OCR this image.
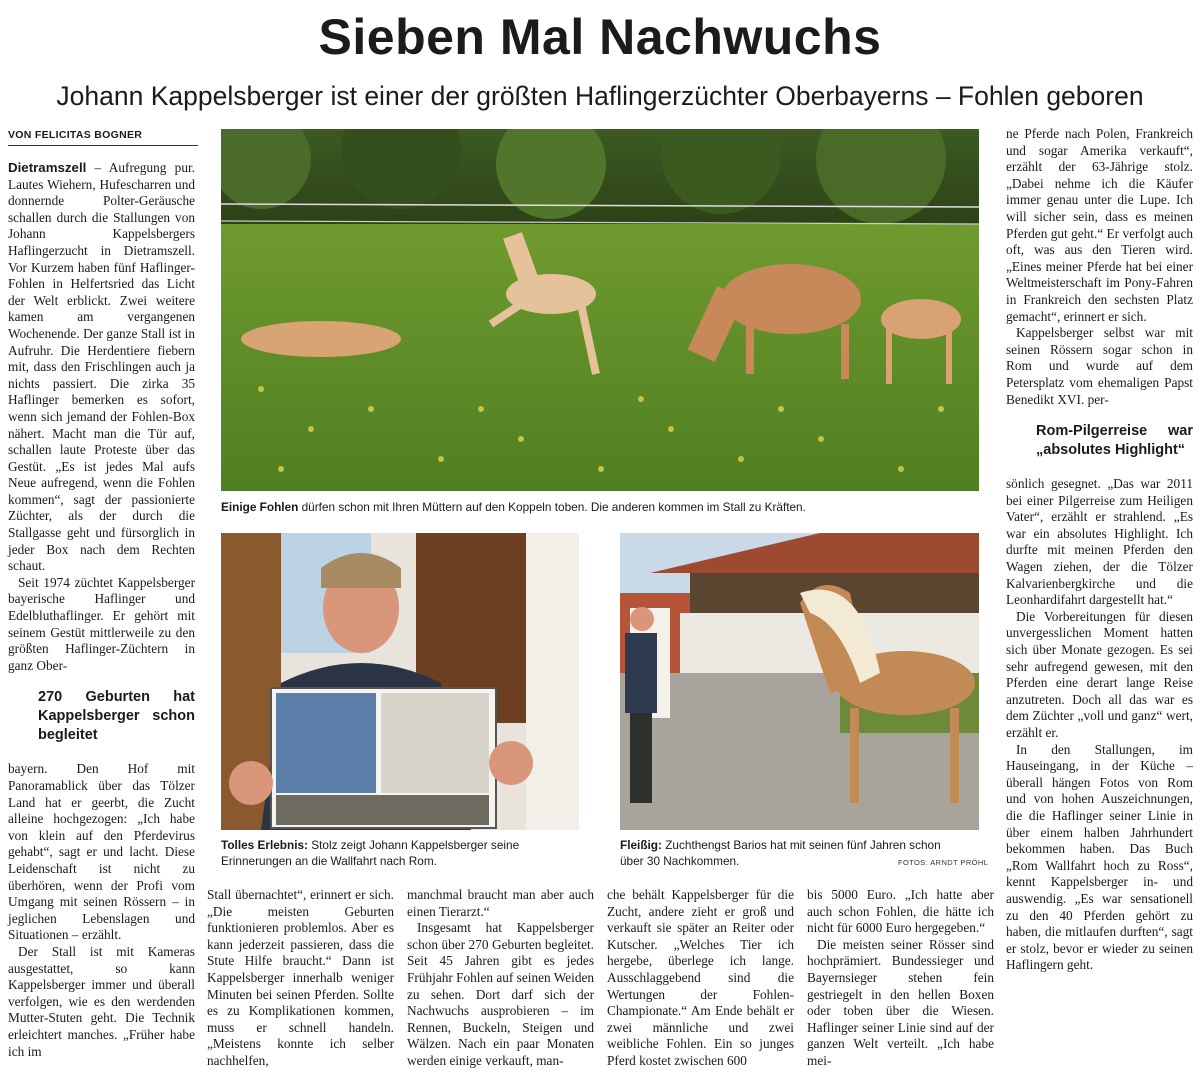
Sieben Mal Nachwuchs
Johann Kappelsberger ist einer der größten Haflingerzüchter Oberbayerns – Fohlen geboren
VON FELICITAS BOGNER

Dietramszell – Aufregung pur. Lautes Wiehern, Hufescharren und donnernde Polter-Geräusche schallen durch die Stallungen von Johann Kappelsbergers Haflingerzucht in Dietramszell. Vor Kurzem haben fünf Haflinger-Fohlen in Helfertsried das Licht der Welt erblickt. Zwei weitere kamen am vergangenen Wochenende. Der ganze Stall ist in Aufruhr. Die Herdentiere fiebern mit, dass den Frischlingen auch ja nichts passiert. Die zirka 35 Haflinger bemerken es sofort, wenn sich jemand der Fohlen-Box nähert. Macht man die Tür auf, schallen laute Proteste über das Gestüt. „Es ist jedes Mal aufs Neue aufregend, wenn die Fohlen kommen“, sagt der passionierte Züchter, als der durch die Stallgasse geht und fürsorglich in jeder Box nach dem Rechten schaut.

Seit 1974 züchtet Kappelsberger bayerische Haflinger und Edelbluthaflinger. Er gehört mit seinem Gestüt mittlerweile zu den größten Haflinger-Züchtern in ganz Ober-

270 Geburten hat Kappelsberger schon begleitet

bayern. Den Hof mit Panoramablick über das Tölzer Land hat er geerbt, die Zucht alleine hochgezogen: „Ich habe von klein auf den Pferdevirus gehabt“, sagt er und lacht. Diese Leidenschaft ist nicht zu überhören, wenn der Profi vom Umgang mit seinen Rössern – in jeglichen Lebenslagen und Situationen – erzählt.

Der Stall ist mit Kameras ausgestattet, so kann Kappelsberger immer und überall verfolgen, wie es den werdenden Mutter-Stuten geht. Die Technik erleichtert manches. „Früher habe ich im

Einige Fohlen dürfen schon mit Ihren Müttern auf den Koppeln toben. Die anderen kommen im Stall zu Kräften.
Tolles Erlebnis: Stolz zeigt Johann Kappelsberger seine Erinnerungen an die Wallfahrt nach Rom.
Fleißig: Zuchthengst Barios hat mit seinen fünf Jahren schon über 30 Nachkommen.	FOTOS: ARNDT PRÖHL

Stall übernachtet“, erinnert er sich. „Die meisten Geburten funktionieren problemlos. Aber es kann jederzeit passieren, dass die Stute Hilfe braucht.“ Dann ist Kappelsberger innerhalb weniger Minuten bei seinen Pferden. Sollte es zu Komplikationen kommen, muss er schnell handeln. „Meistens konnte ich selber nachhelfen,

manchmal braucht man aber auch einen Tierarzt.“

Insgesamt hat Kappelsberger schon über 270 Geburten begleitet. Seit 45 Jahren gibt es jedes Frühjahr Fohlen auf seinen Weiden zu sehen. Dort darf sich der Nachwuchs ausprobieren – im Rennen, Buckeln, Steigen und Wälzen. Nach ein paar Monaten werden einige verkauft, man-

che behält Kappelsberger für die Zucht, andere zieht er groß und verkauft sie später an Reiter oder Kutscher. „Welches Tier ich hergebe, überlege ich lange. Ausschlaggebend sind die Wertungen der Fohlen-Championate.“ Am Ende behält er zwei männliche und zwei weibliche Fohlen. Ein so junges Pferd kostet zwischen 600

bis 5000 Euro. „Ich hatte aber auch schon Fohlen, die hätte ich nicht für 6000 Euro hergegeben.“

Die meisten seiner Rösser sind hochprämiert. Bundessieger und Bayernsieger stehen fein gestriegelt in den hellen Boxen oder toben über die Wiesen. Haflinger seiner Linie sind auf der ganzen Welt verteilt. „Ich habe mei-

ne Pferde nach Polen, Frankreich und sogar Amerika verkauft“, erzählt der 63-Jährige stolz. „Dabei nehme ich die Käufer immer genau unter die Lupe. Ich will sicher sein, dass es meinen Pferden gut geht.“ Er verfolgt auch oft, was aus den Tieren wird. „Eines meiner Pferde hat bei einer Weltmeisterschaft im Pony-Fahren in Frankreich den sechsten Platz gemacht“, erinnert er sich.

Kappelsberger selbst war mit seinen Rössern sogar schon in Rom und wurde auf dem Petersplatz vom ehemaligen Papst Benedikt XVI. per-

Rom-Pilgerreise war „absolutes Highlight“

sönlich gesegnet. „Das war 2011 bei einer Pilgerreise zum Heiligen Vater“, erzählt er strahlend. „Es war ein absolutes Highlight. Ich durfte mit meinen Pferden den Wagen ziehen, der die Tölzer Kalvarienbergkirche und die Leonhardifahrt dargestellt hat.“

Die Vorbereitungen für diesen unvergesslichen Moment hatten sich über Monate gezogen. Es sei sehr aufregend gewesen, mit den Pferden eine derart lange Reise anzutreten. Doch all das war es dem Züchter „voll und ganz“ wert, erzählt er.

In den Stallungen, im Hauseingang, in der Küche – überall hängen Fotos von Rom und von hohen Auszeichnungen, die die Haflinger seiner Linie in über einem halben Jahrhundert bekommen haben. Das Buch „Rom Wallfahrt hoch zu Ross“, kennt Kappelsberger in- und auswendig. „Es war sensationell zu den 40 Pferden gehört zu haben, die mitlaufen durften“, sagt er stolz, bevor er wieder zu seinen Haflingern geht.
